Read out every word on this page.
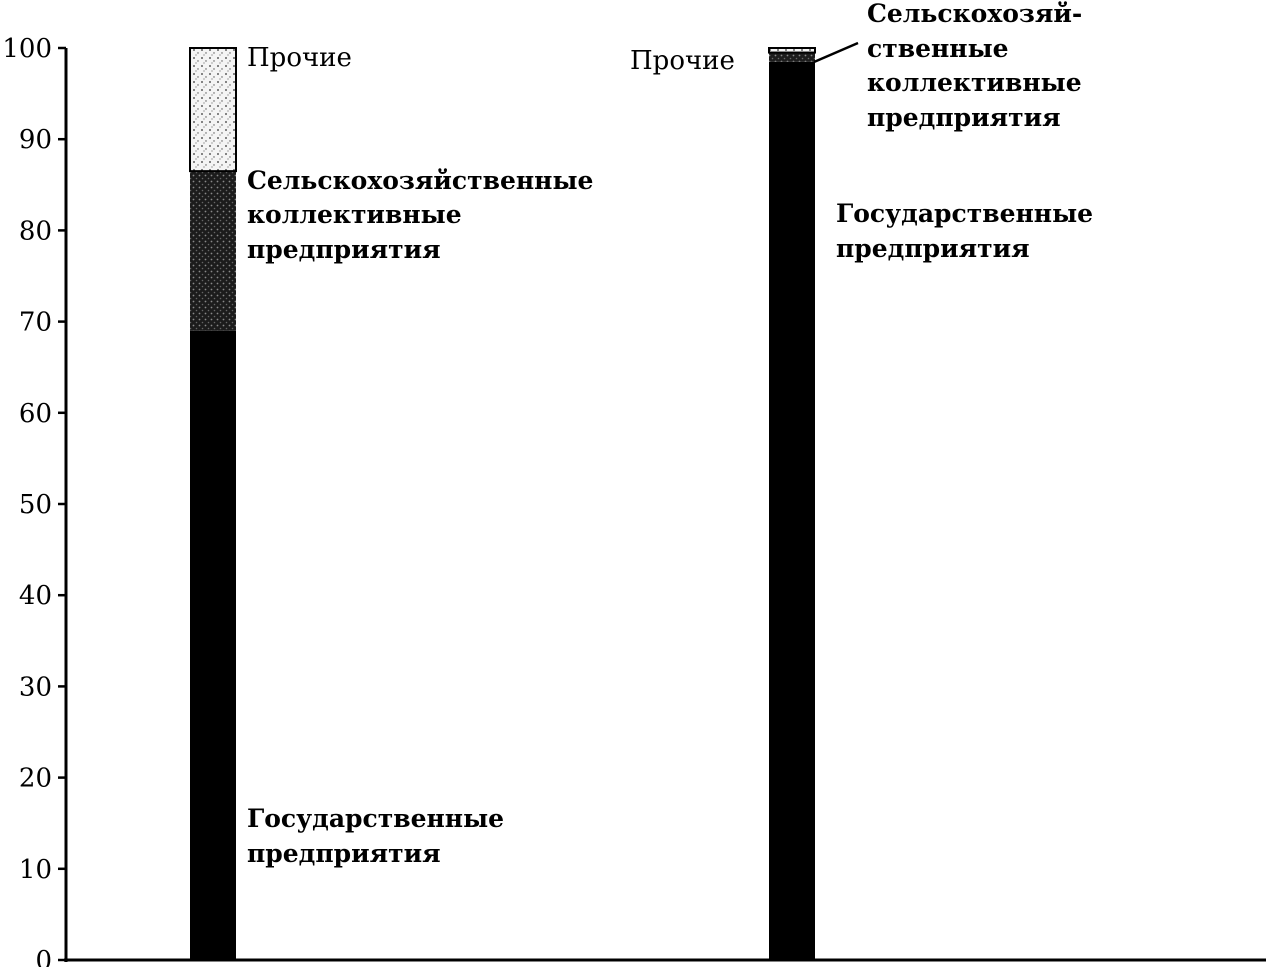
0
10
20
30
40
50
60
70
80
90
100	Прочие
Сельскохозяйственные
коллективные
предприятия
Государственные
предприятия
Прочие
Сельскохозяй-
ственные
коллективные
предприятия
Государственные
предприятия
